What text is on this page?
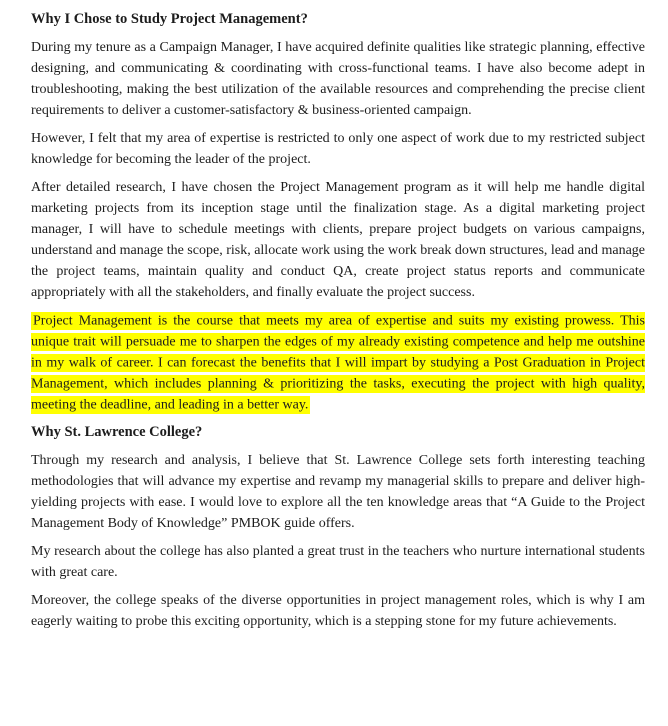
Why I Chose to Study Project Management?

During my tenure as a Campaign Manager, I have acquired definite qualities like strategic planning, effective designing, and communicating & coordinating with cross-functional teams. I have also become adept in troubleshooting, making the best utilization of the available resources and comprehending the precise client requirements to deliver a customer-satisfactory & business-oriented campaign.

However, I felt that my area of expertise is restricted to only one aspect of work due to my restricted subject knowledge for becoming the leader of the project.

After detailed research, I have chosen the Project Management program as it will help me handle digital marketing projects from its inception stage until the finalization stage. As a digital marketing project manager, I will have to schedule meetings with clients, prepare project budgets on various campaigns, understand and manage the scope, risk, allocate work using the work break down structures, lead and manage the project teams, maintain quality and conduct QA, create project status reports and communicate appropriately with all the stakeholders, and finally evaluate the project success.

Project Management is the course that meets my area of expertise and suits my existing prowess. This unique trait will persuade me to sharpen the edges of my already existing competence and help me outshine in my walk of career. I can forecast the benefits that I will impart by studying a Post Graduation in Project Management, which includes planning & prioritizing the tasks, executing the project with high quality, meeting the deadline, and leading in a better way.

Why St. Lawrence College?

Through my research and analysis, I believe that St. Lawrence College sets forth interesting teaching methodologies that will advance my expertise and revamp my managerial skills to prepare and deliver high-yielding projects with ease. I would love to explore all the ten knowledge areas that “A Guide to the Project Management Body of Knowledge” PMBOK guide offers.

My research about the college has also planted a great trust in the teachers who nurture international students with great care.

Moreover, the college speaks of the diverse opportunities in project management roles, which is why I am eagerly waiting to probe this exciting opportunity, which is a stepping stone for my future achievements.
